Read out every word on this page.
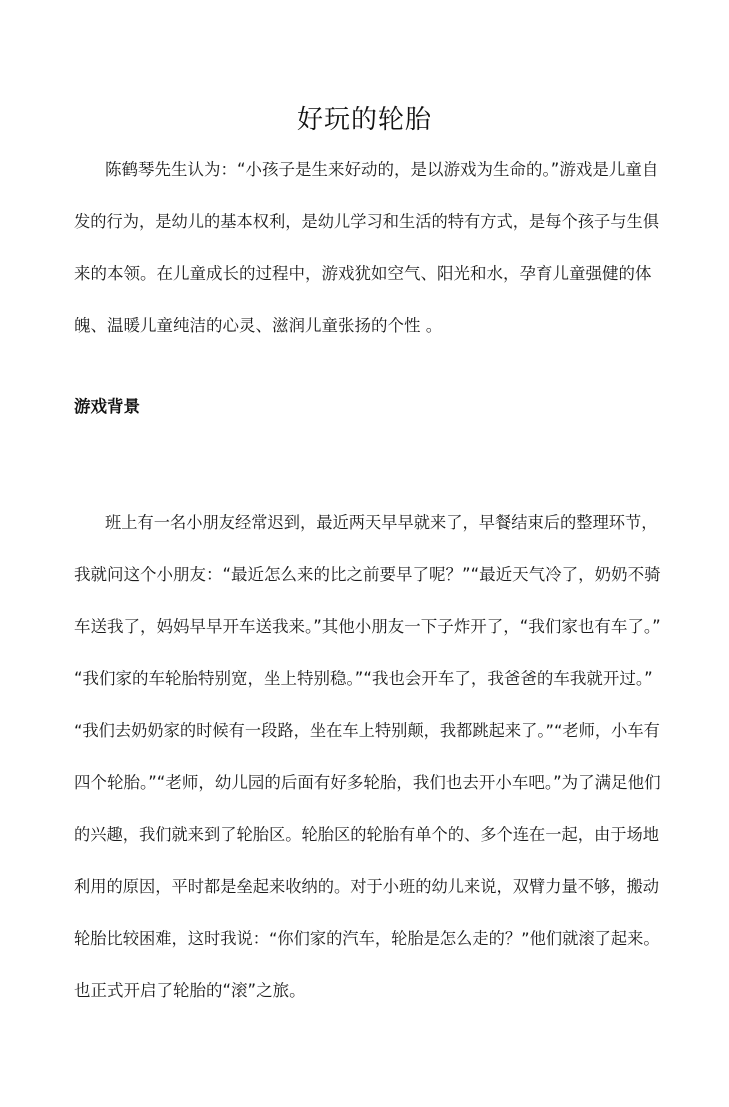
好玩的轮胎
陈鹤琴先生认为：“小孩子是生来好动的，是以游戏为生命的。”游戏是儿童自
发的行为，是幼儿的基本权利，是幼儿学习和生活的特有方式，是每个孩子与生俱
来的本领。在儿童成长的过程中，游戏犹如空气、阳光和水，孕育儿童强健的体
魄、温暖儿童纯洁的心灵、滋润儿童张扬的个性 。
游戏背景
班上有一名小朋友经常迟到，最近两天早早就来了，早餐结束后的整理环节，
我就问这个小朋友：“最近怎么来的比之前要早了呢？”“最近天气冷了，奶奶不骑
车送我了，妈妈早早开车送我来。”其他小朋友一下子炸开了，“我们家也有车了。”
“我们家的车轮胎特别宽，坐上特别稳。”“我也会开车了，我爸爸的车我就开过。”
“我们去奶奶家的时候有一段路，坐在车上特别颠，我都跳起来了。”“老师，小车有
四个轮胎。”“老师，幼儿园的后面有好多轮胎，我们也去开小车吧。”为了满足他们
的兴趣，我们就来到了轮胎区。轮胎区的轮胎有单个的、多个连在一起，由于场地
利用的原因，平时都是垒起来收纳的。对于小班的幼儿来说，双臂力量不够，搬动
轮胎比较困难，这时我说：“你们家的汽车，轮胎是怎么走的？”他们就滚了起来。
也正式开启了轮胎的“滚”之旅。
